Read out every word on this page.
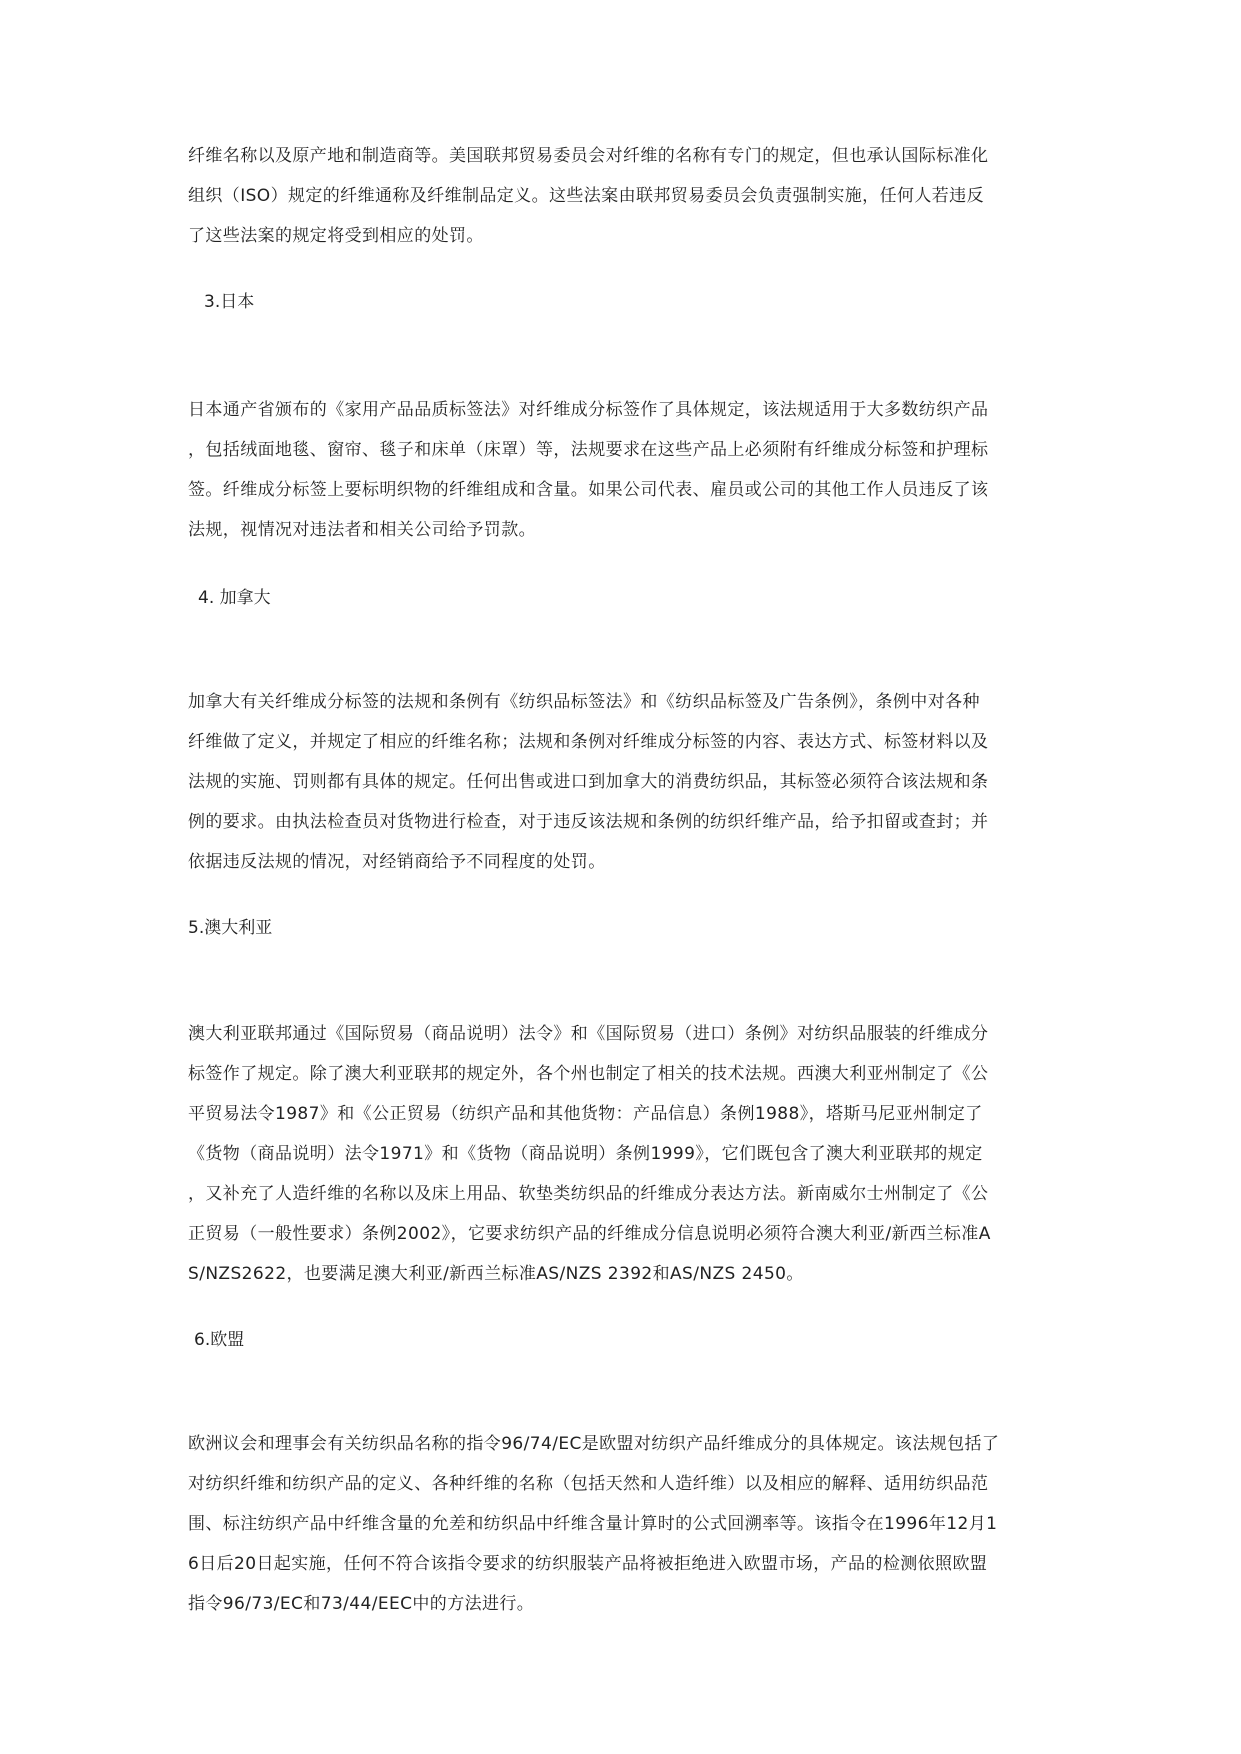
纤维名称以及原产地和制造商等。美国联邦贸易委员会对纤维的名称有专门的规定，但也承认国际标准化
组织（ISO）规定的纤维通称及纤维制品定义。这些法案由联邦贸易委员会负责强制实施，任何人若违反
了这些法案的规定将受到相应的处罚。
3.日本
日本通产省颁布的《家用产品品质标签法》对纤维成分标签作了具体规定，该法规适用于大多数纺织产品
，包括绒面地毯、窗帘、毯子和床单（床罩）等，法规要求在这些产品上必须附有纤维成分标签和护理标
签。纤维成分标签上要标明织物的纤维组成和含量。如果公司代表、雇员或公司的其他工作人员违反了该
法规，视情况对违法者和相关公司给予罚款。
4. 加拿大
加拿大有关纤维成分标签的法规和条例有《纺织品标签法》和《纺织品标签及广告条例》，条例中对各种
纤维做了定义，并规定了相应的纤维名称；法规和条例对纤维成分标签的内容、表达方式、标签材料以及
法规的实施、罚则都有具体的规定。任何出售或进口到加拿大的消费纺织品，其标签必须符合该法规和条
例的要求。由执法检查员对货物进行检查，对于违反该法规和条例的纺织纤维产品，给予扣留或查封；并
依据违反法规的情况，对经销商给予不同程度的处罚。
5.澳大利亚
澳大利亚联邦通过《国际贸易（商品说明）法令》和《国际贸易（进口）条例》对纺织品服装的纤维成分
标签作了规定。除了澳大利亚联邦的规定外，各个州也制定了相关的技术法规。西澳大利亚州制定了《公
平贸易法令1987》和《公正贸易（纺织产品和其他货物：产品信息）条例1988》，塔斯马尼亚州制定了
《货物（商品说明）法令1971》和《货物（商品说明）条例1999》，它们既包含了澳大利亚联邦的规定
，又补充了人造纤维的名称以及床上用品、软垫类纺织品的纤维成分表达方法。新南威尔士州制定了《公
正贸易（一般性要求）条例2002》，它要求纺织产品的纤维成分信息说明必须符合澳大利亚/新西兰标准A
S/NZS2622，也要满足澳大利亚/新西兰标准AS/NZS 2392和AS/NZS 2450。
6.欧盟
欧洲议会和理事会有关纺织品名称的指令96/74/EC是欧盟对纺织产品纤维成分的具体规定。该法规包括了
对纺织纤维和纺织产品的定义、各种纤维的名称（包括天然和人造纤维）以及相应的解释、适用纺织品范
围、标注纺织产品中纤维含量的允差和纺织品中纤维含量计算时的公式回溯率等。该指令在1996年12月1
6日后20日起实施，任何不符合该指令要求的纺织服装产品将被拒绝进入欧盟市场，产品的检测依照欧盟
指令96/73/EC和73/44/EEC中的方法进行。
